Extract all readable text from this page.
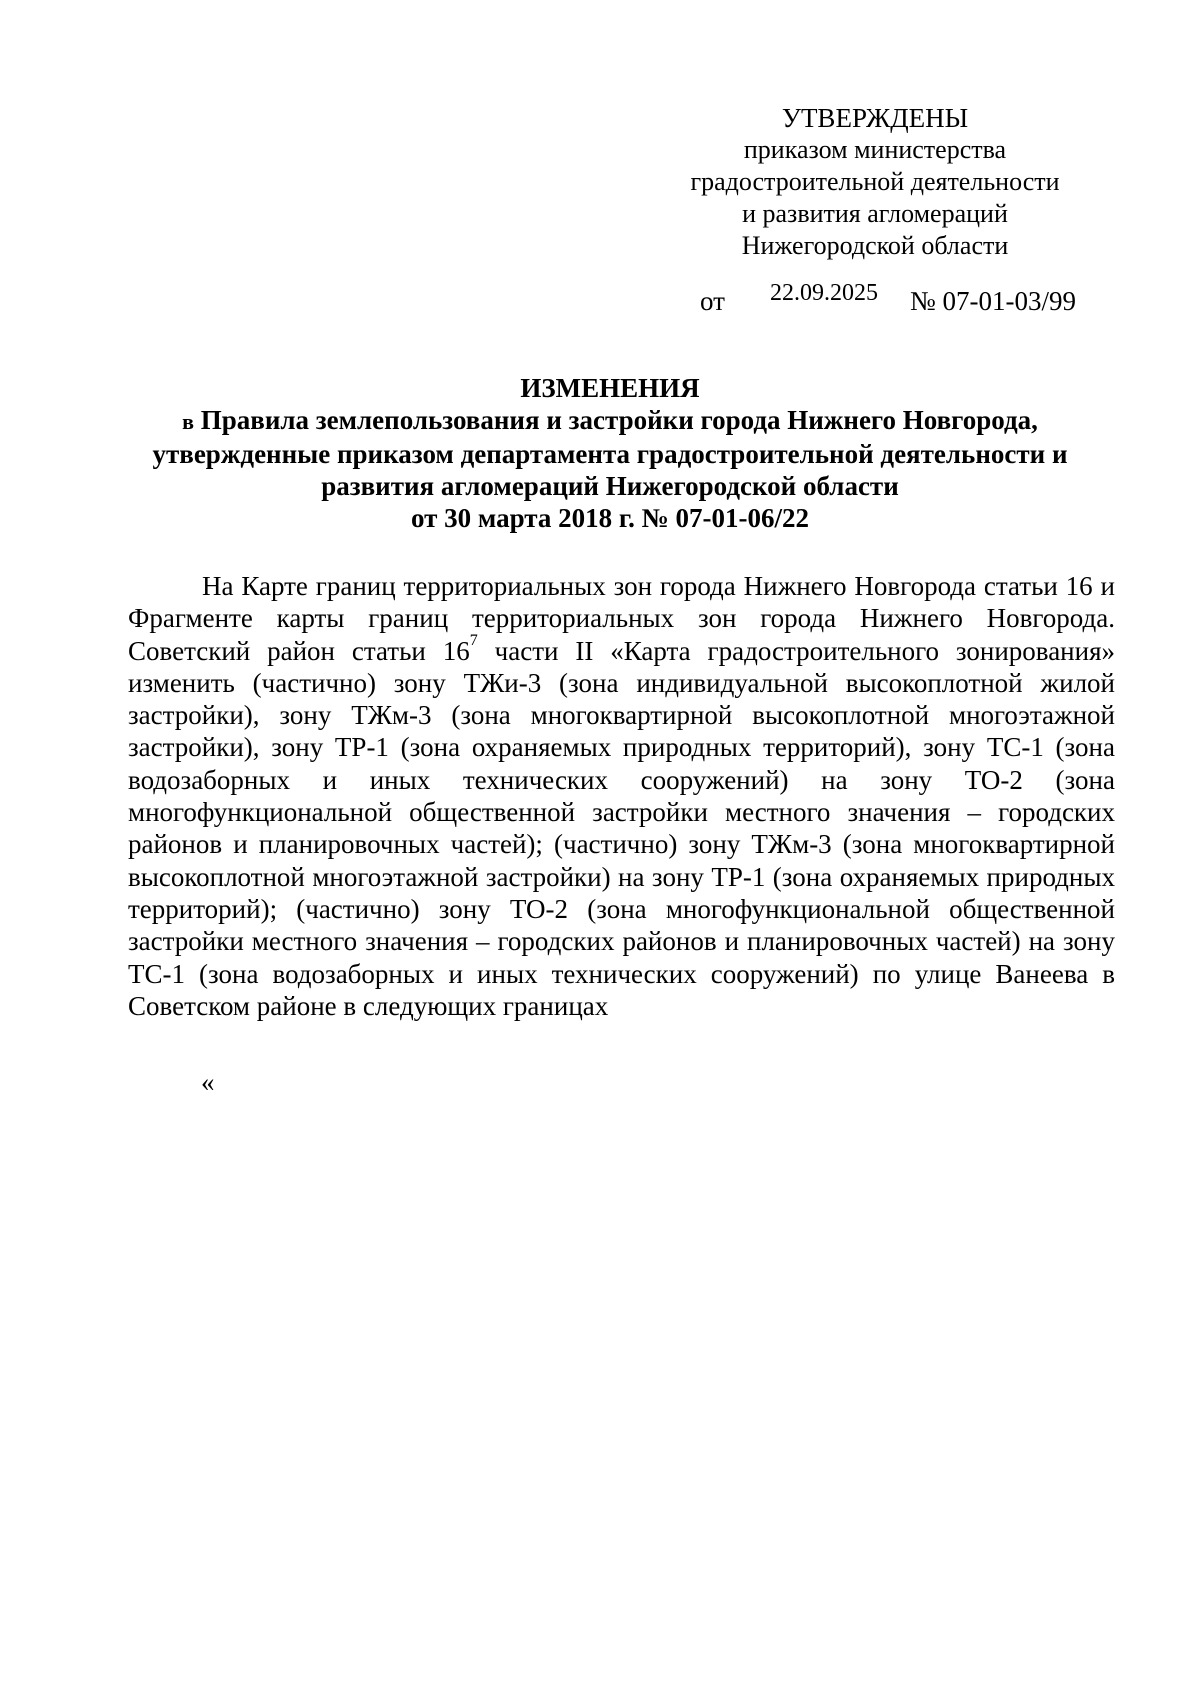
УТВЕРЖДЕНЫ
приказом министерства
градостроительной деятельности
и развития агломераций
Нижегородской области
от 22.09.2025 № 07-01-03/99
ИЗМЕНЕНИЯ
в Правила землепользования и застройки города Нижнего Новгорода,
утвержденные приказом департамента градостроительной деятельности и
развития агломераций Нижегородской области
от 30 марта 2018 г. № 07-01-06/22

На Карте границ территориальных зон города Нижнего Новгорода статьи 16 и Фрагменте карты границ территориальных зон города Нижнего Новгорода. Советский район статьи $16^7$ части II «Карта градостроительного зонирования» изменить (частично) зону ТЖи-3 (зона индивидуальной высокоплотной жилой застройки), зону ТЖм-3 (зона многоквартирной высокоплотной многоэтажной застройки), зону ТР-1 (зона охраняемых природных территорий), зону ТС-1 (зона водозаборных и иных технических сооружений) на зону ТО-2 (зона многофункциональной общественной застройки местного значения – городских районов и планировочных частей); (частично) зону ТЖм-3 (зона многоквартирной высокоплотной многоэтажной застройки) на зону ТР-1 (зона охраняемых природных территорий); (частично) зону ТО-2 (зона многофункциональной общественной застройки местного значения – городских районов и планировочных частей) на зону ТС-1 (зона водозаборных и иных технических сооружений) по улице Ванеева в Советском районе в следующих границах

«
